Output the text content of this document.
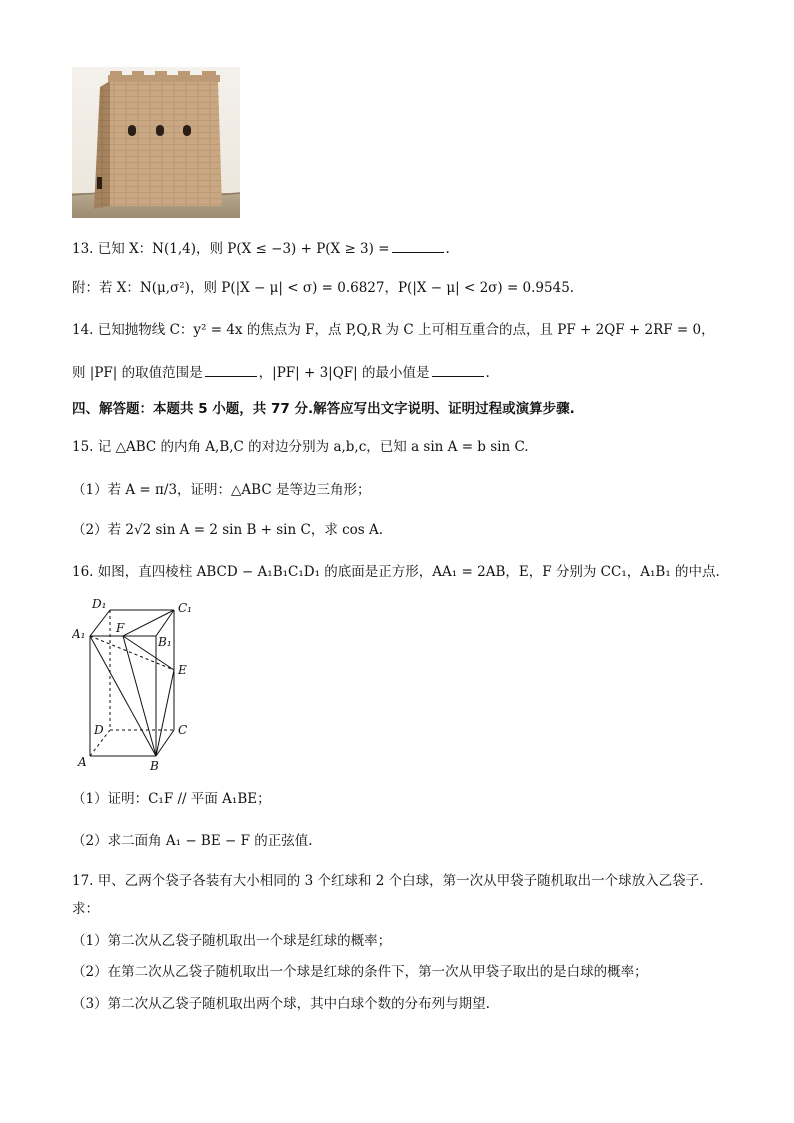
13. 已知 X：N(1,4)，则 P(X ≤ −3) + P(X ≥ 3) =	.
附：若 X：N(μ,σ²)，则 P(|X − μ| < σ) = 0.6827，P(|X − μ| < 2σ) = 0.9545.
14. 已知抛物线 C：y² = 4x 的焦点为 F，点 P,Q,R 为 C 上可相互重合的点，且 PF + 2QF + 2RF = 0，
则 |PF| 的取值范围是	，|PF| + 3|QF| 的最小值是	.
四、解答题：本题共 5 小题，共 77 分.解答应写出文字说明、证明过程或演算步骤.
15. 记 △ABC 的内角 A,B,C 的对边分别为 a,b,c，已知 a sin A = b sin C.
（1）若 A = π/3，证明：△ABC 是等边三角形；
（2）若 2√2 sin A = 2 sin B + sin C，求 cos A.
16. 如图，直四棱柱 ABCD − A₁B₁C₁D₁ 的底面是正方形，AA₁ = 2AB，E，F 分别为 CC₁，A₁B₁ 的中点.
D₁	C₁
A₁	F
B₁
E
D	C
A	B
（1）证明：C₁F // 平面 A₁BE；
（2）求二面角 A₁ − BE − F 的正弦值.
17. 甲、乙两个袋子各装有大小相同的 3 个红球和 2 个白球，第一次从甲袋子随机取出一个球放入乙袋子.
求：
（1）第二次从乙袋子随机取出一个球是红球的概率；
（2）在第二次从乙袋子随机取出一个球是红球的条件下，第一次从甲袋子取出的是白球的概率；
（3）第二次从乙袋子随机取出两个球，其中白球个数的分布列与期望.
